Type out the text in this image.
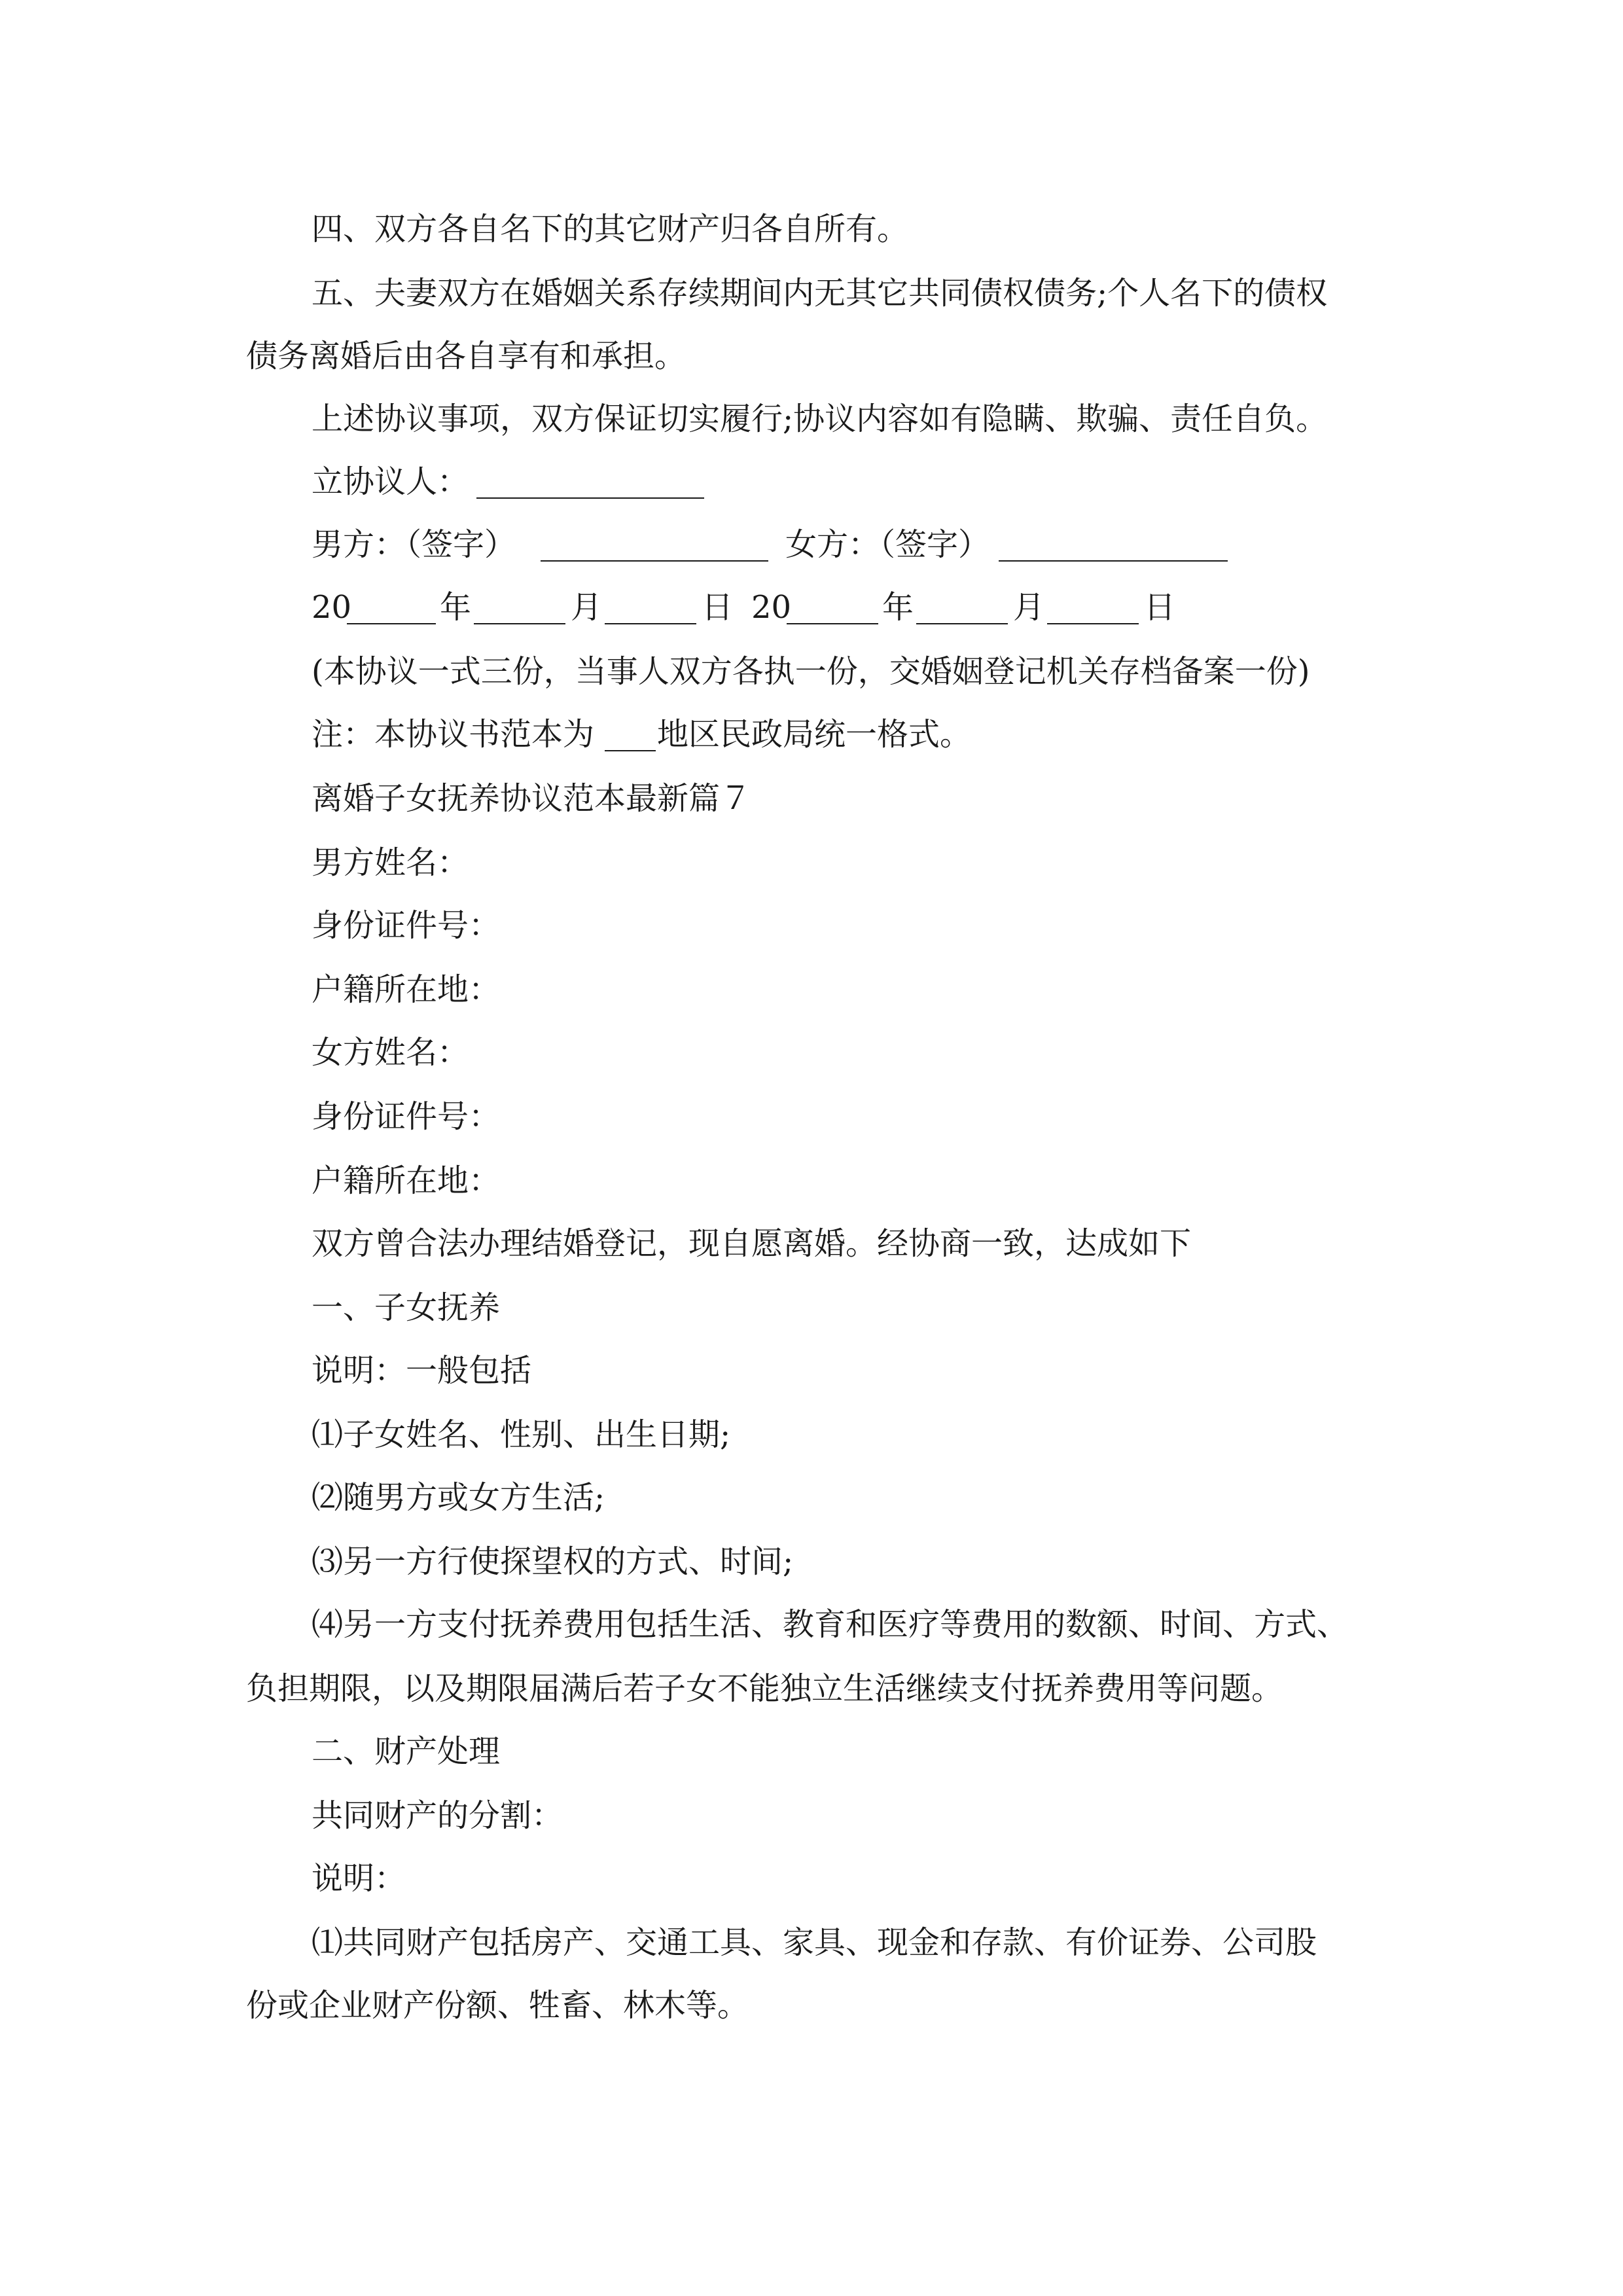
四、双方各自名下的其它财产归各自所有。

五、夫妻双方在婚姻关系存续期间内无其它共同债权债务;个人名下的债权

债务离婚后由各自享有和承担。

上述协议事项，双方保证切实履行;协议内容如有隐瞒、欺骗、责任自负。

立协议人：

男方：（签字）	女方：（签字）

20	年	月	日 20	年	月	日

(本协议一式三份，当事人双方各执一份，交婚姻登记机关存档备案一份)

注：本协议书范本为 地区民政局统一格式。

离婚子女抚养协议范本最新篇７

男方姓名：

身份证件号：

户籍所在地：

女方姓名：

身份证件号：

户籍所在地：

双方曾合法办理结婚登记，现自愿离婚。经协商一致，达成如下

一、子女抚养

说明：一般包括

⑴子女姓名、性别、出生日期;

⑵随男方或女方生活;

⑶另一方行使探望权的方式、时间;

⑷另一方支付抚养费用包括生活、教育和医疗等费用的数额、时间、方式、

负担期限，以及期限届满后若子女不能独立生活继续支付抚养费用等问题。

二、财产处理

共同财产的分割：

说明：

⑴共同财产包括房产、交通工具、家具、现金和存款、有价证券、公司股

份或企业财产份额、牲畜、林木等。
